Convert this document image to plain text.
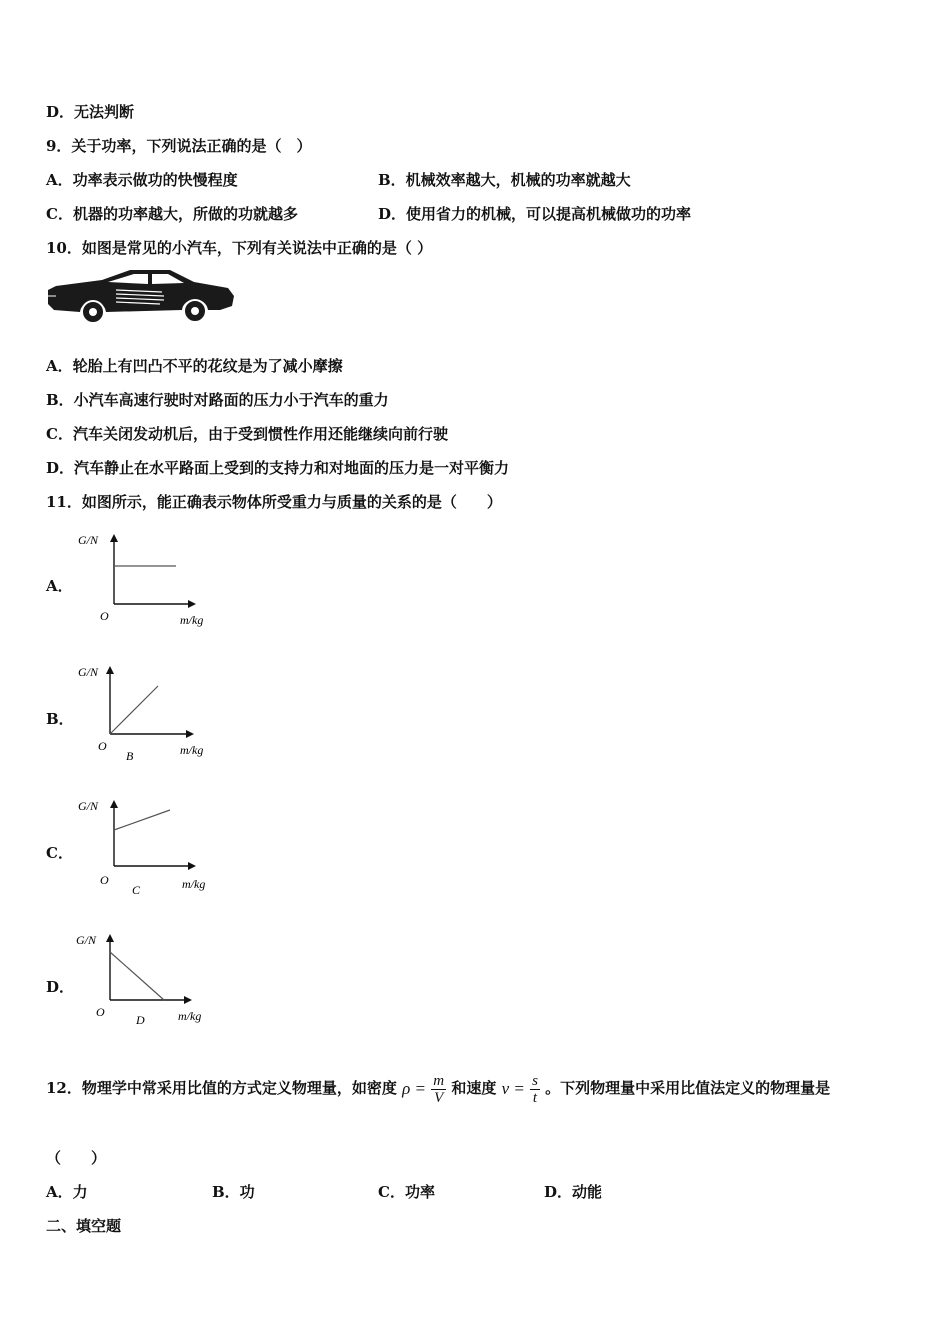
D．无法判断
9．关于功率，下列说法正确的是（　）
A．功率表示做功的快慢程度	B．机械效率越大，机械的功率就越大
C．机器的功率越大，所做的功就越多	D．使用省力的机械，可以提高机械做功的功率
10．如图是常见的小汽车，下列有关说法中正确的是（ ）
A．轮胎上有凹凸不平的花纹是为了减小摩擦
B．小汽车高速行驶时对路面的压力小于汽车的重力
C．汽车关闭发动机后，由于受到惯性作用还能继续向前行驶
D．汽车静止在水平路面上受到的支持力和对地面的压力是一对平衡力
11．如图所示，能正确表示物体所受重力与质量的关系的是（　　）
A．
G/N
O	m/kg
B．
G/N
O
B	m/kg
C．
G/N
O
C	m/kg
D．
G/N
O
D	m/kg
12．物理学中常采用比值的方式定义物理量，如密度 $\rho = \frac{m}{V}$ 和速度 $v = \frac{s}{t}$ 。下列物理量中采用比值法定义的物理量是
（　　）
A．力	B．功	C．功率	D．动能
二、填空题
